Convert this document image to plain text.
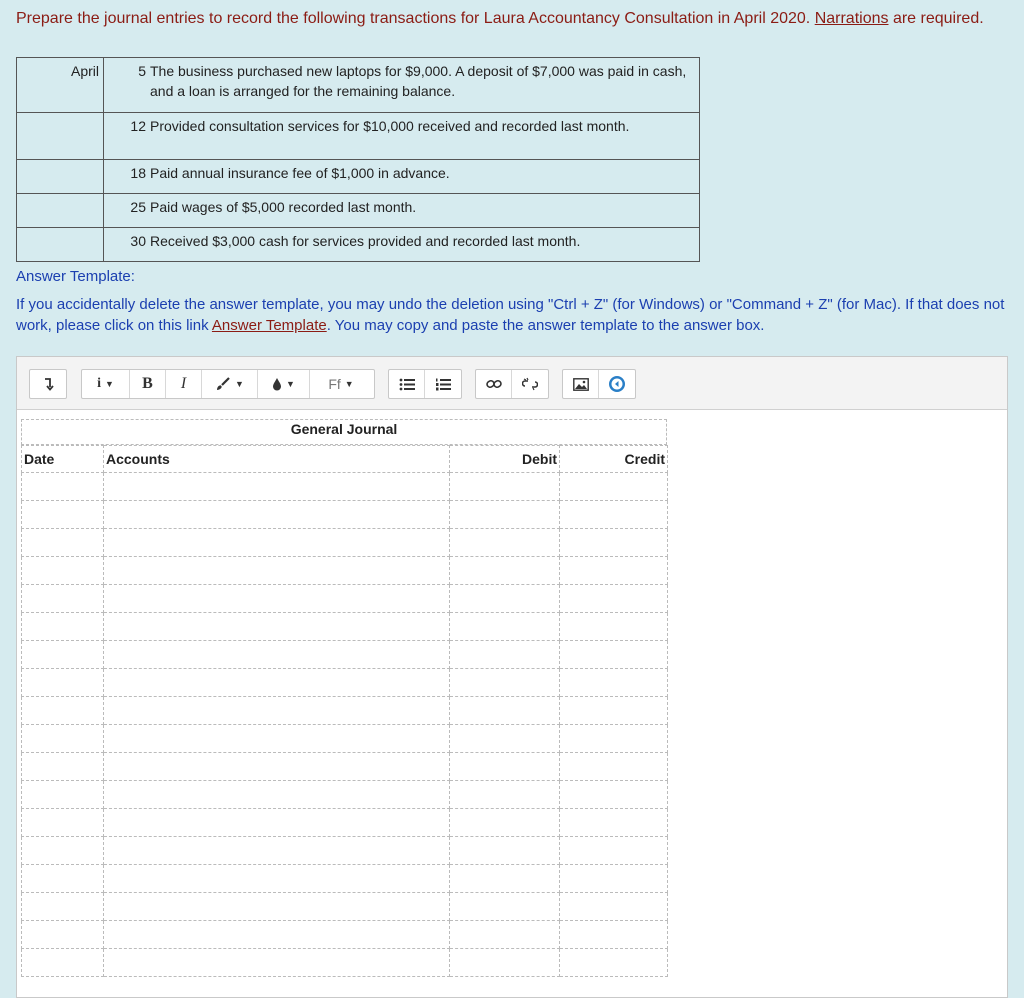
Prepare the journal entries to record the following transactions for Laura Accountancy Consultation in April 2020. Narrations are required.
April	5	The business purchased new laptops for $9,000. A deposit of $7,000 was paid in cash, and a loan is arranged for the remaining balance.
	12	Provided consultation services for $10,000 received and recorded last month.
	18	Paid annual insurance fee of $1,000 in advance.
	25	Paid wages of $5,000 recorded last month.
	30	Received $3,000 cash for services provided and recorded last month.
Answer Template:
If you accidentally delete the answer template, you may undo the deletion using "Ctrl + Z" (for Windows) or "Command + Z" (for Mac). If that does not work, please click on this link Answer Template. You may copy and paste the answer template to the answer box.
i ▼	B	I	▼	▼ Ff ▼
General Journal
Date	Accounts	Debit	Credit
